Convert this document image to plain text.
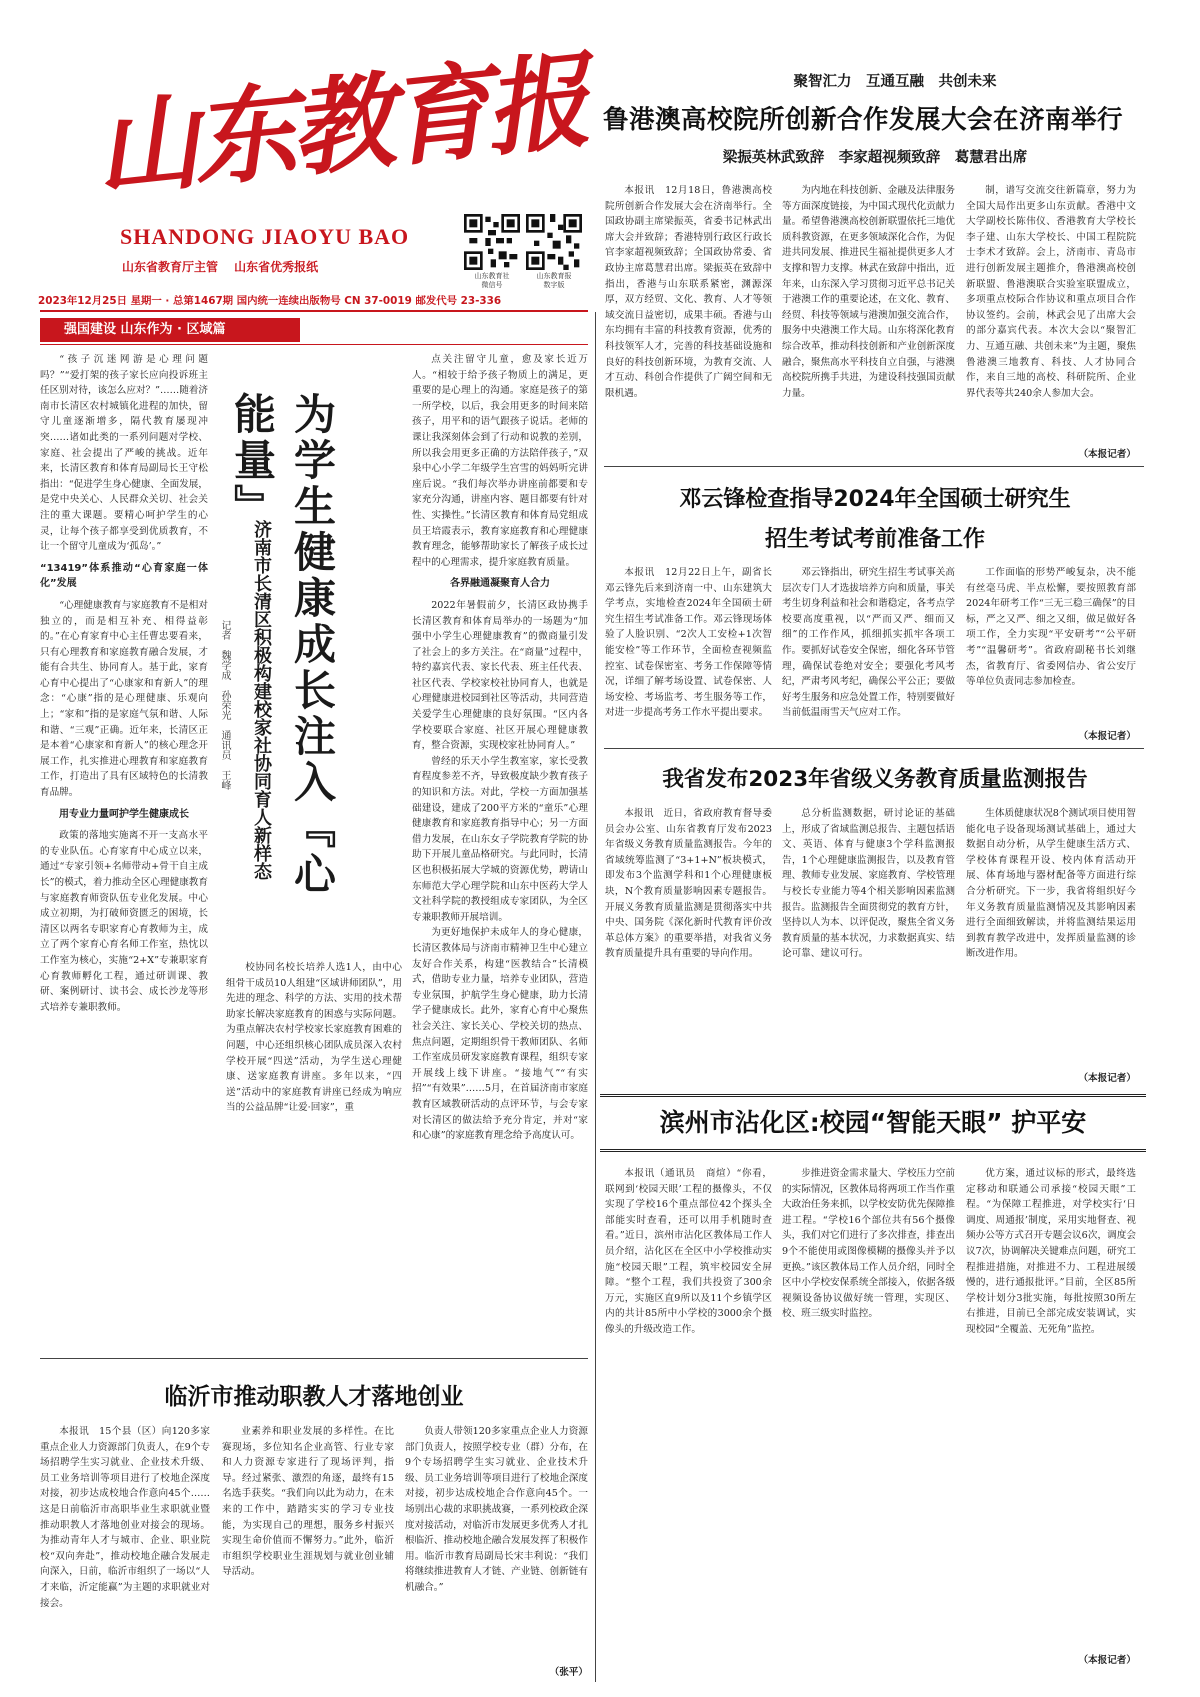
山东教育报
SHANDONG JIAOYU BAO
山东省教育厅主管　 山东省优秀报纸
2023年12月25日 星期一 · 总第1467期 国内统一连续出版物号 CN 37-0019 邮发代号 23-336
山东教育社
微信号
山东教育报
数字版
聚智汇力　互通互融　共创未来
鲁港澳高校院所创新合作发展大会在济南举行
梁振英林武致辞　李家超视频致辞　葛慧君出席

本报讯　12月18日，鲁港澳高校院所创新合作发展大会在济南举行。全国政协副主席梁振英，省委书记林武出席大会并致辞；香港特别行政区行政长官李家超视频致辞；全国政协常委、省政协主席葛慧君出席。梁振英在致辞中指出，香港与山东联系紧密，渊源深厚，双方经贸、文化、教育、人才等领域交流日益密切，成果丰硕。香港与山东均拥有丰富的科技教育资源，优秀的科技领军人才，完善的科技基础设施和良好的科技创新环境，为教育交流、人才互动、科创合作提供了广阔空间和无限机遇。

为内地在科技创新、金融及法律服务等方面深度链接，为中国式现代化贡献力量。希望鲁港澳高校创新联盟依托三地优质科教资源，在更多领域深化合作，为促进共同发展、推进民生福祉提供更多人才支撑和智力支撑。林武在致辞中指出，近年来，山东深入学习贯彻习近平总书记关于港澳工作的重要论述，在文化、教育、经贸、科技等领域与港澳加强交流合作，服务中央港澳工作大局。山东将深化教育综合改革，推动科技创新和产业创新深度融合，聚焦高水平科技自立自强，与港澳高校院所携手共进，为建设科技强国贡献力量。

制，谱写交流交往新篇章，努力为全国大局作出更多山东贡献。香港中文大学副校长陈伟仪、香港教育大学校长李子建、山东大学校长、中国工程院院士李术才致辞。会上，济南市、青岛市进行创新发展主题推介，鲁港澳高校创新联盟、鲁港澳联合实验室联盟成立，多项重点校际合作协议和重点项目合作协议签约。会前，林武会见了出席大会的部分嘉宾代表。本次大会以“聚智汇力、互通互融、共创未来”为主题，聚焦鲁港澳三地教育、科技、人才协同合作，来自三地的高校、科研院所、企业界代表等共240余人参加大会。

（本报记者）
邓云锋检查指导2024年全国硕士研究生
招生考试考前准备工作

本报讯　12月22日上午，副省长邓云锋先后来到济南一中、山东建筑大学考点，实地检查2024年全国硕士研究生招生考试准备工作。邓云锋现场体验了人脸识别、“2次人工安检+1次智能安检”等工作环节，全面检查视频监控室、试卷保密室、考务工作保障等情况，详细了解考场设置、试卷保密、人场安检、考场监考、考生服务等工作，对进一步提高考务工作水平提出要求。

邓云锋指出，研究生招生考试事关高层次专门人才选拔培养方向和质量，事关考生切身利益和社会和谐稳定，各考点学校要高度重视，以“严而又严、细而又细”的工作作风，抓细抓实抓牢各项工作。要抓好试卷安全保密，细化各环节管理，确保试卷绝对安全；要强化考风考纪，严肃考风考纪，确保公平公正；要做好考生服务和应急处置工作，特别要做好当前低温雨雪天气应对工作。

工作面临的形势严峻复杂，决不能有丝毫马虎、半点松懈，要按照教育部2024年研考工作“三无三稳三确保”的目标，严之又严、细之又细，做足做好各项工作，全力实现“平安研考”“公平研考”“温馨研考”。省政府副秘书长刘继杰，省教育厅、省委网信办、省公安厅等单位负责同志参加检查。

（本报记者）
我省发布2023年省级义务教育质量监测报告

本报讯　近日，省政府教育督导委员会办公室、山东省教育厅发布2023年省级义务教育质量监测报告。今年的省域统筹监测了“3+1+N”板块模式，即发布3个监测学科和1个心理健康板块，N个教育质量影响因素专题报告。开展义务教育质量监测是贯彻落实中共中央、国务院《深化新时代教育评价改革总体方案》的重要举措，对我省义务教育质量提升具有重要的导向作用。

总分析监测数据，研讨论证的基础上，形成了省域监测总报告、主题包括语文、英语、体育与健康3个学科监测报告，1个心理健康监测报告，以及教育管理、教师专业发展、家庭教育、学校管理与校长专业能力等4个相关影响因素监测报告。监测报告全面贯彻党的教育方针，坚持以人为本、以评促改，聚焦全省义务教育质量的基本状况，力求数据真实、结论可靠、建议可行。

生体质健康状况8个测试项目使用智能化电子设备现场测试基础上，通过大数据自动分析，从学生健康生活方式、学校体育课程开设、校内体育活动开展、体育场地与器材配备等方面进行综合分析研究。下一步，我省将组织好今年义务教育质量监测情况及其影响因素进行全面细致解读，并将监测结果运用到教育教学改进中，发挥质量监测的诊断改进作用。

（本报记者）
滨州市沾化区:校园“智能天眼” 护平安

本报讯（通讯员　商煊）“你看，联网到‘校园天眼’工程的摄像头，不仅实现了学校16个重点部位42个探头全部能实时查看，还可以用手机随时查看。”近日，滨州市沾化区教体局工作人员介绍，沾化区在全区中小学校推动实施“校园天眼”工程，筑牢校园安全屏障。“整个工程，我们共投资了300余万元，实施区直9所以及11个乡镇学区内的共计85所中小学校的3000余个摄像头的升级改造工作。

步推进资金需求量大、学校压力空前的实际情况，区教体局将两项工作当作重大政治任务来抓，以学校安防优先保障推进工程。“学校16个部位共有56个摄像头，我们对它们进行了多次排查，排查出9个不能使用或图像模糊的摄像头并予以更换。”该区教体局工作人员介绍，同时全区中小学校安保系统全部接入，依据各级视频设备协议做好统一管理，实现区、校、班三级实时监控。

优方案，通过议标的形式，最终选定移动和联通公司承接“校园天眼”工程。“为保障工程推进，对学校实行‘日调度、周通报’制度，采用实地督查、视频办公等方式召开专题会议6次，调度会议7次，协调解决关键难点问题，研究工程推进措施，对推进不力、工程进展缓慢的，进行通报批评。”目前，全区85所学校计划分3批实施，每批按照30所左右推进，目前已全部完成安装调试，实现校园“全覆盖、无死角”监控。

（本报记者）
强国建设 山东作为 · 区域篇

“孩子沉迷网游是心理问题吗？”“爱打架的孩子家长应向投诉班主任区别对待，该怎么应对？”……随着济南市长清区农村城镇化进程的加快，留守儿童逐渐增多，隔代教育屡现冲突……诸如此类的一系列问题对学校、家庭、社会提出了严峻的挑战。近年来，长清区教育和体育局副局长王守松指出：“促进学生身心健康、全面发展，是党中央关心、人民群众关切、社会关注的重大课题。要精心呵护学生的心灵，让每个孩子都享受到优质教育，不让一个留守儿童成为‘孤岛’。”

“13419”体系推动“心育家庭一体化”发展

“心理健康教育与家庭教育不是相对独立的，而是相互补充、相得益彰的。”在心育家育中心主任曹忠要看来，只有心理教育和家庭教育融合发展，才能有合共生、协同育人。基于此，家育心育中心提出了“心康家和育新人”的理念：“心康”指的是心理健康、乐观向上；“家和”指的是家庭气氛和谐、人际和谐、“三观”正确。近年来，长清区正是本着“心康家和育新人”的核心理念开展工作，扎实推进心理教育和家庭教育工作，打造出了具有区域特色的长清教育品牌。

用专业力量呵护学生健康成长

政策的落地实施离不开一支高水平的专业队伍。心育家育中心成立以来，通过“专家引领+名师带动+骨干自主成长”的模式，着力推动全区心理健康教育与家庭教育师资队伍专业化发展。中心成立初期，为打破师资匮乏的困境，长清区以两名专职家育心育教师为主，成立了两个家育心育名师工作室，热忱以工作室为核心，实施“2+X”专兼职家育心育教师孵化工程，通过研训课、教研、案例研讨、读书会、成长沙龙等形式培养专兼职教师。

为学生健康成长注入『心能量』
济南市长清区积极构建校家社协同育人新样态
记者　魏学成　孙荣光　通讯员　王峰

点关注留守儿童，愈及家长近万人。“相较于给予孩子物质上的满足，更重要的是心理上的沟通。家庭是孩子的第一所学校，以后，我会用更多的时间来陪孩子，用平和的语气跟孩子说话。老师的课让我深刻体会到了行动和说教的差别，所以我会用更多正确的方法陪伴孩子，”双泉中心小学二年级学生宫雪的妈妈听完讲座后说。“我们每次举办讲座前都要和专家充分沟通，讲座内容、题目都要有针对性、实操性。”长清区教育和体育局党组成员王培霞表示，教育家庭教育和心理健康教育理念，能够帮助家长了解孩子成长过程中的心理需求，提升家庭教育质量。

各界融通凝聚育人合力

2022年暑假前夕，长清区政协携手长清区教育和体育局举办的一场题为“加强中小学生心理健康教育”的微商量引发了社会上的多方关注。在“商量”过程中，特约嘉宾代表、家长代表、班主任代表、社区代表、学校家校社协同育人，也就是心理健康进校园到社区等活动，共同营造关爱学生心理健康的良好氛围。“区内各学校要联合家庭、社区开展心理健康教育，整合资源，实现校家社协同育人。”

曾经的乐天小学生教室家，家长受教育程度参差不齐，导致极度缺少教育孩子的知识和方法。对此，学校一方面加强基础建设，建成了200平方米的“童乐”心理健康教育和家庭教育指导中心；另一方面借力发展，在山东女子学院教育学院的协助下开展儿童品格研究。与此同时，长清区也积极拓展大学城的资源优势，聘请山东师范大学心理学院和山东中医药大学人文社科学院的教授组成专家团队，为全区专兼职教师开展培训。

为更好地保护未成年人的身心健康，长清区教体局与济南市精神卫生中心建立友好合作关系，构建“医教结合”长清模式，借助专业力量，培养专业团队，营造专业氛围，护航学生身心健康，助力长清学子健康成长。此外，家育心育中心聚焦社会关注、家长关心、学校关切的热点、焦点问题，定期组织骨干教师团队、名师工作室成员研发家庭教育课程，组织专家开展线上线下讲座。“接地气”“有实招”“有效果”……5月，在首届济南市家庭教育区域教研活动的点评环节，与会专家对长清区的做法给予充分肯定，并对“家和心康”的家庭教育理念给予高度认可。

校协同名校长培养人选1人，由中心组骨干成员10人组建“区域讲师团队”，用先进的理念、科学的方法、实用的技术帮助家长解决家庭教育的困惑与实际问题。为重点解决农村学校家长家庭教育困难的问题，中心还组织核心团队成员深入农村学校开展“四送”活动，为学生送心理健康、送家庭教育讲座。多年以来，“四送”活动中的家庭教育讲座已经成为响应当的公益品牌“让爱·回家”，重

临沂市推动职教人才落地创业

本报讯　15个县（区）向120多家重点企业人力资源部门负责人，在9个专场招聘学生实习就业、企业技术升级、员工业务培训等项目进行了校地企深度对接，初步达成校地合作意向45个……这是日前临沂市高职毕业生求职就业暨推动职教人才落地创业对接会的现场。为推动青年人才与城市、企业、职业院校“双向奔赴”，推动校地企融合发展走向深入，日前，临沂市组织了一场以“人才来临，沂定能赢”为主题的求职就业对接会。

业素养和职业发展的多样性。在比赛现场，多位知名企业高管、行业专家和人力资源专家进行了现场评判，指导。经过紧张、激烈的角逐，最终有15名选手获奖。“我们向以此为动力，在未来的工作中，踏踏实实的学习专业技能，为实现自己的理想，服务乡村振兴实现生命价值而不懈努力。”此外，临沂市组织学校职业生涯规划与就业创业辅导活动。

负责人带领120多家重点企业人力资源部门负责人，按照学校专业（群）分布，在9个专场招聘学生实习就业、企业技术升级、员工业务培训等项目进行了校地企深度对接，初步达成校地企合作意向45个。一场别出心裁的求职挑战赛，一系列校政企深度对接活动，对临沂市发展更多优秀人才扎根临沂、推动校地企融合发展发挥了积极作用。临沂市教育局副局长宋丰利说：“我们将继续推进教育人才链、产业链、创新链有机融合。”

（张平）
